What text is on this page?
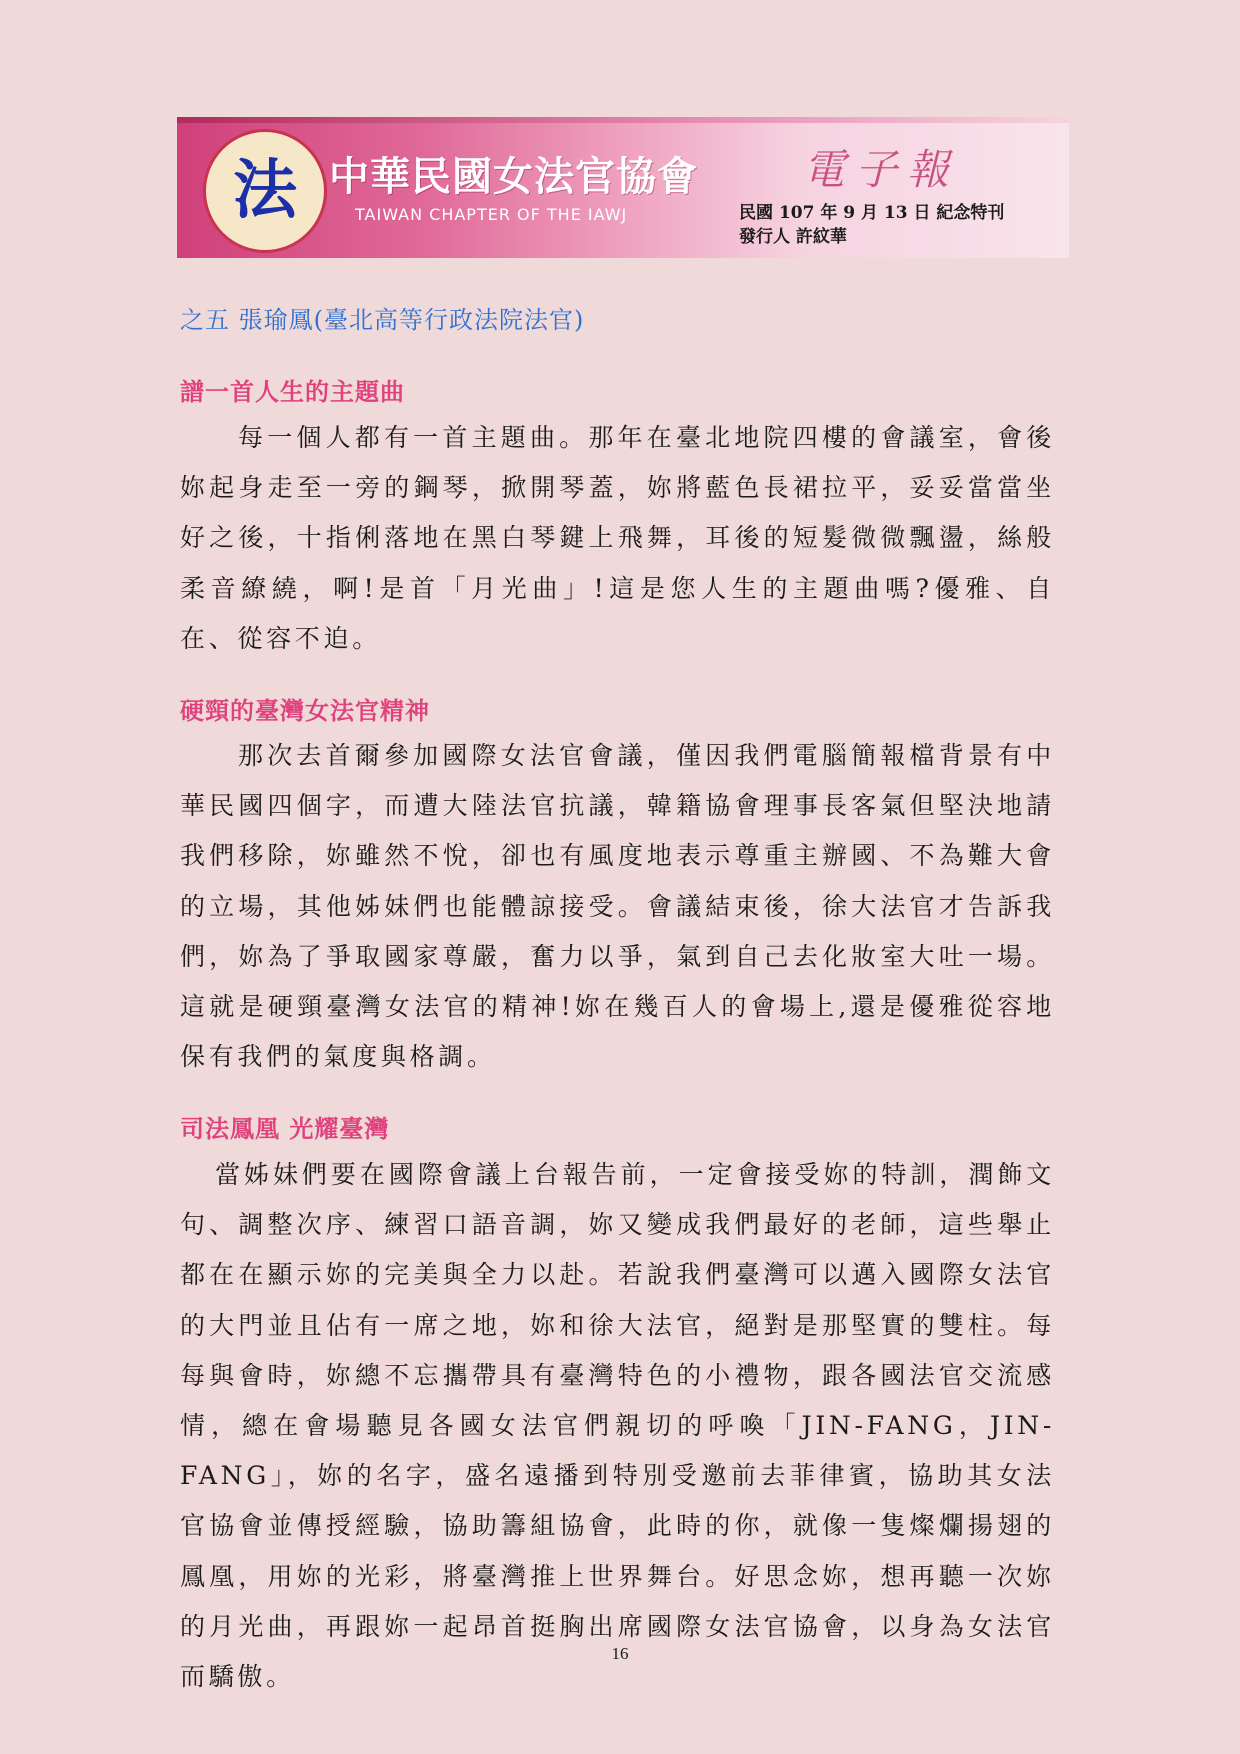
法 中華民國女法官協會
TAIWAN CHAPTER OF THE IAWJ
電子報
民國 107 年 9 月 13 日 紀念特刊
發行人 許紋華
之五 張瑜鳳(臺北高等行政法院法官)
譜一首人生的主題曲

每一個人都有一首主題曲。那年在臺北地院四樓的會議室，會後妳起身走至一旁的鋼琴，掀開琴蓋，妳將藍色長裙拉平，妥妥當當坐好之後，十指俐落地在黑白琴鍵上飛舞，耳後的短髮微微飄盪，絲般柔音繚繞，啊!是首「月光曲」!這是您人生的主題曲嗎?優雅、自在、從容不迫。

硬頸的臺灣女法官精神

那次去首爾參加國際女法官會議，僅因我們電腦簡報檔背景有中華民國四個字，而遭大陸法官抗議，韓籍協會理事長客氣但堅決地請我們移除，妳雖然不悅，卻也有風度地表示尊重主辦國、不為難大會的立場，其他姊妹們也能體諒接受。會議結束後，徐大法官才告訴我們，妳為了爭取國家尊嚴，奮力以爭，氣到自己去化妝室大吐一場。這就是硬頸臺灣女法官的精神!妳在幾百人的會場上,還是優雅從容地保有我們的氣度與格調。

司法鳳凰 光耀臺灣

當姊妹們要在國際會議上台報告前，一定會接受妳的特訓，潤飾文句、調整次序、練習口語音調，妳又變成我們最好的老師，這些舉止都在在顯示妳的完美與全力以赴。若說我們臺灣可以邁入國際女法官的大門並且佔有一席之地，妳和徐大法官，絕對是那堅實的雙柱。每每與會時，妳總不忘攜帶具有臺灣特色的小禮物，跟各國法官交流感情，總在會場聽見各國女法官們親切的呼喚「JIN-FANG，JIN-FANG」，妳的名字，盛名遠播到特別受邀前去菲律賓，協助其女法官協會並傳授經驗，協助籌組協會，此時的你，就像一隻燦爛揚翅的鳳凰，用妳的光彩，將臺灣推上世界舞台。好思念妳，想再聽一次妳的月光曲，再跟妳一起昂首挺胸出席國際女法官協會，以身為女法官而驕傲。

16
